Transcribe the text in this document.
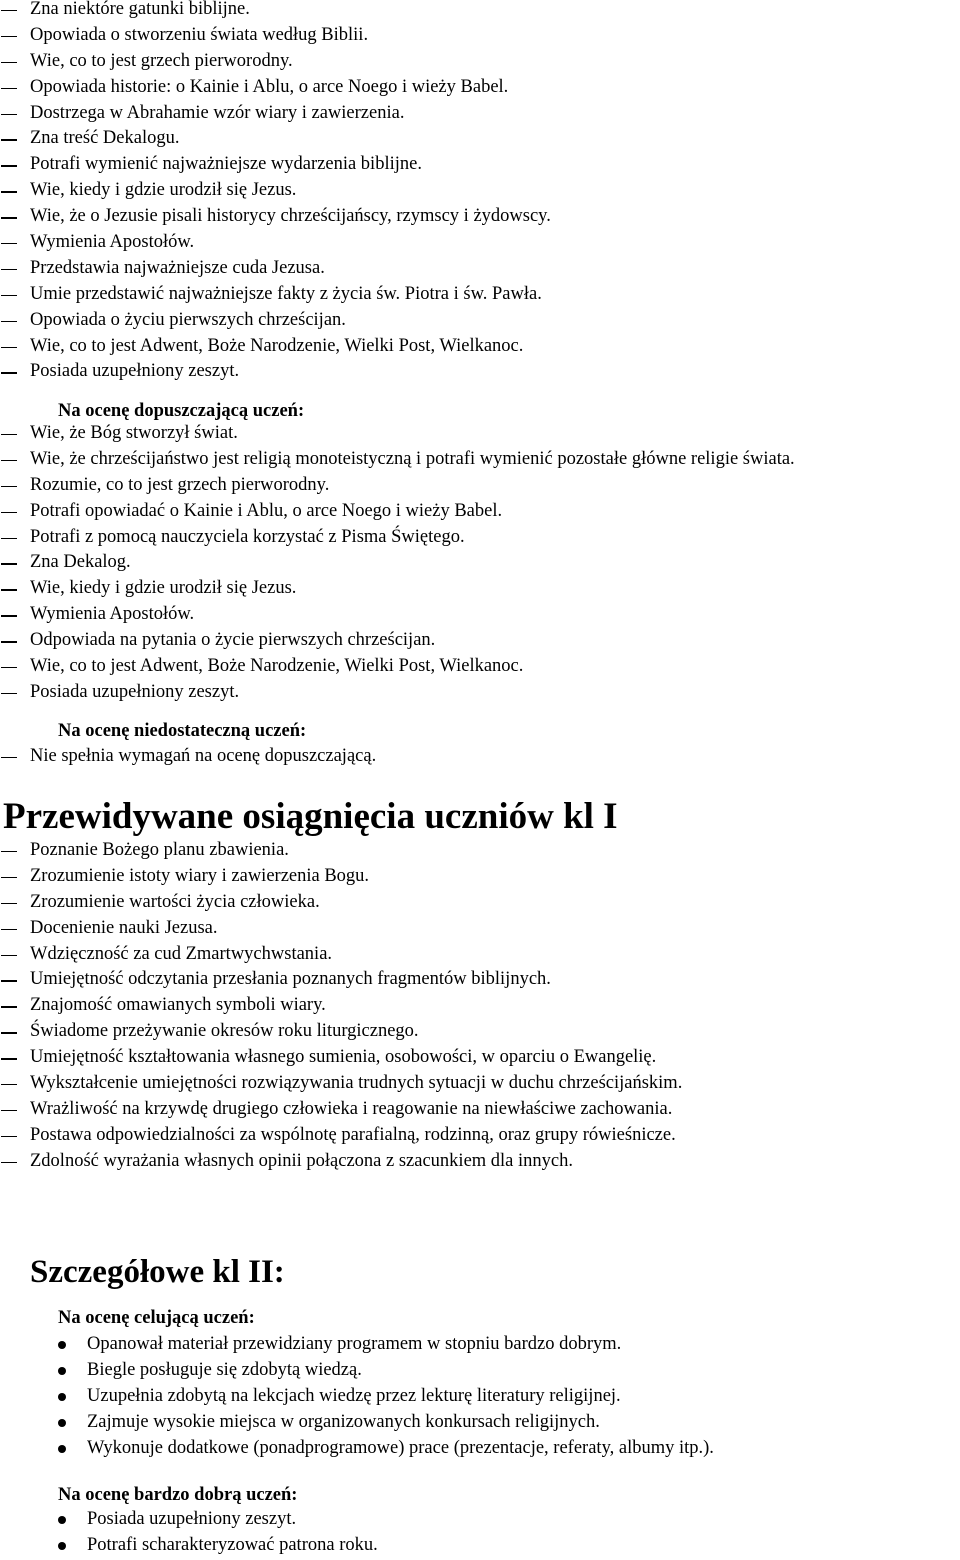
Zna niektóre gatunki biblijne.
Opowiada o stworzeniu świata według Biblii.
Wie, co to jest grzech pierworodny.
Opowiada historie: o Kainie i Ablu, o arce Noego i wieży Babel.
Dostrzega w Abrahamie wzór wiary i zawierzenia.
Zna treść Dekalogu.
Potrafi wymienić najważniejsze wydarzenia biblijne.
Wie, kiedy i gdzie urodził się Jezus.
Wie, że o Jezusie pisali historycy chrześcijańscy, rzymscy i żydowscy.
Wymienia Apostołów.
Przedstawia najważniejsze cuda Jezusa.
Umie przedstawić najważniejsze fakty z życia św. Piotra i św. Pawła.
Opowiada o życiu pierwszych chrześcijan.
Wie, co to jest Adwent, Boże Narodzenie, Wielki Post, Wielkanoc.
Posiada uzupełniony zeszyt.
Na ocenę dopuszczającą uczeń:
Wie, że Bóg stworzył świat.
Wie, że chrześcijaństwo jest religią monoteistyczną i potrafi wymienić pozostałe główne religie świata.
Rozumie, co to jest grzech pierworodny.
Potrafi opowiadać o Kainie i Ablu, o arce Noego i wieży Babel.
Potrafi z pomocą nauczyciela korzystać z Pisma Świętego.
Zna Dekalog.
Wie, kiedy i gdzie urodził się Jezus.
Wymienia Apostołów.
Odpowiada na pytania o życie pierwszych chrześcijan.
Wie, co to jest Adwent, Boże Narodzenie, Wielki Post, Wielkanoc.
Posiada uzupełniony zeszyt.
Na ocenę niedostateczną uczeń:
Nie spełnia wymagań na ocenę dopuszczającą.
Przewidywane osiągnięcia uczniów kl I
Poznanie Bożego planu zbawienia.
Zrozumienie istoty wiary i zawierzenia Bogu.
Zrozumienie wartości życia człowieka.
Docenienie nauki Jezusa.
Wdzięczność za cud Zmartwychwstania.
Umiejętność odczytania przesłania poznanych fragmentów biblijnych.
Znajomość omawianych symboli wiary.
Świadome przeżywanie okresów roku liturgicznego.
Umiejętność kształtowania własnego sumienia, osobowości, w oparciu o Ewangelię.
Wykształcenie umiejętności rozwiązywania trudnych sytuacji w duchu chrześcijańskim.
Wrażliwość na krzywdę drugiego człowieka i reagowanie na niewłaściwe zachowania.
Postawa odpowiedzialności za wspólnotę parafialną, rodzinną, oraz grupy rówieśnicze.
Zdolność wyrażania własnych opinii połączona z szacunkiem dla innych.
Szczegółowe kl II:
Na ocenę celującą uczeń:
Opanował materiał przewidziany programem w stopniu bardzo dobrym.
Biegle posługuje się zdobytą wiedzą.
Uzupełnia zdobytą na lekcjach wiedzę przez lekturę literatury religijnej.
Zajmuje wysokie miejsca w organizowanych konkursach religijnych.
Wykonuje dodatkowe (ponadprogramowe) prace (prezentacje, referaty, albumy itp.).
Na ocenę bardzo dobrą uczeń:
Posiada uzupełniony zeszyt.
Potrafi scharakteryzować patrona roku.
